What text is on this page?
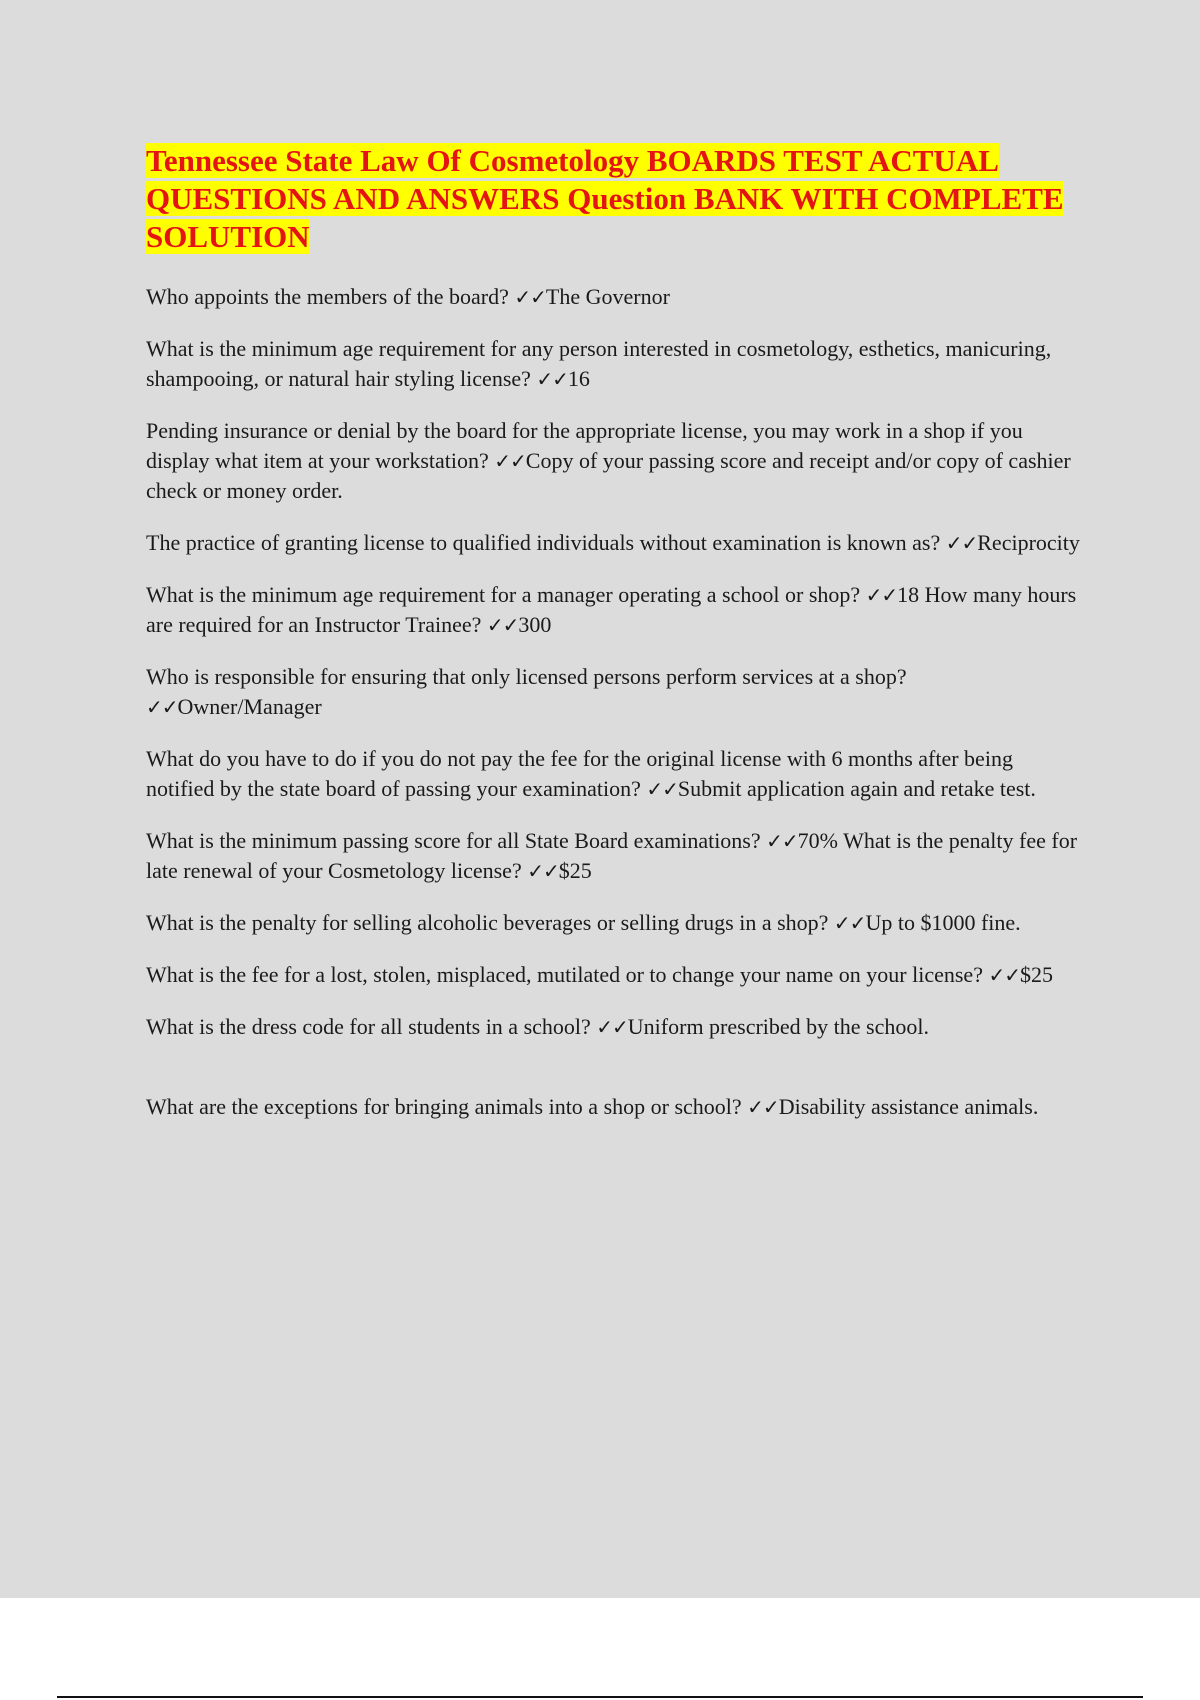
Tennessee State Law Of Cosmetology BOARDS TEST ACTUAL QUESTIONS AND ANSWERS Question BANK WITH COMPLETE SOLUTION

Who appoints the members of the board? ✓✓The Governor

What is the minimum age requirement for any person interested in cosmetology, esthetics, manicuring, shampooing, or natural hair styling license? ✓✓16

Pending insurance or denial by the board for the appropriate license, you may work in a shop if you display what item at your workstation? ✓✓Copy of your passing score and receipt and/or copy of cashier check or money order.

The practice of granting license to qualified individuals without examination is known as? ✓✓Reciprocity

What is the minimum age requirement for a manager operating a school or shop? ✓✓18 How many hours are required for an Instructor Trainee? ✓✓300

Who is responsible for ensuring that only licensed persons perform services at a shop? ✓✓Owner/Manager

What do you have to do if you do not pay the fee for the original license with 6 months after being notified by the state board of passing your examination? ✓✓Submit application again and retake test.

What is the minimum passing score for all State Board examinations? ✓✓70% What is the penalty fee for late renewal of your Cosmetology license? ✓✓$25

What is the penalty for selling alcoholic beverages or selling drugs in a shop? ✓✓Up to $1000 fine.

What is the fee for a lost, stolen, misplaced, mutilated or to change your name on your license? ✓✓$25

What is the dress code for all students in a school? ✓✓Uniform prescribed by the school.

What are the exceptions for bringing animals into a shop or school? ✓✓Disability assistance animals.
